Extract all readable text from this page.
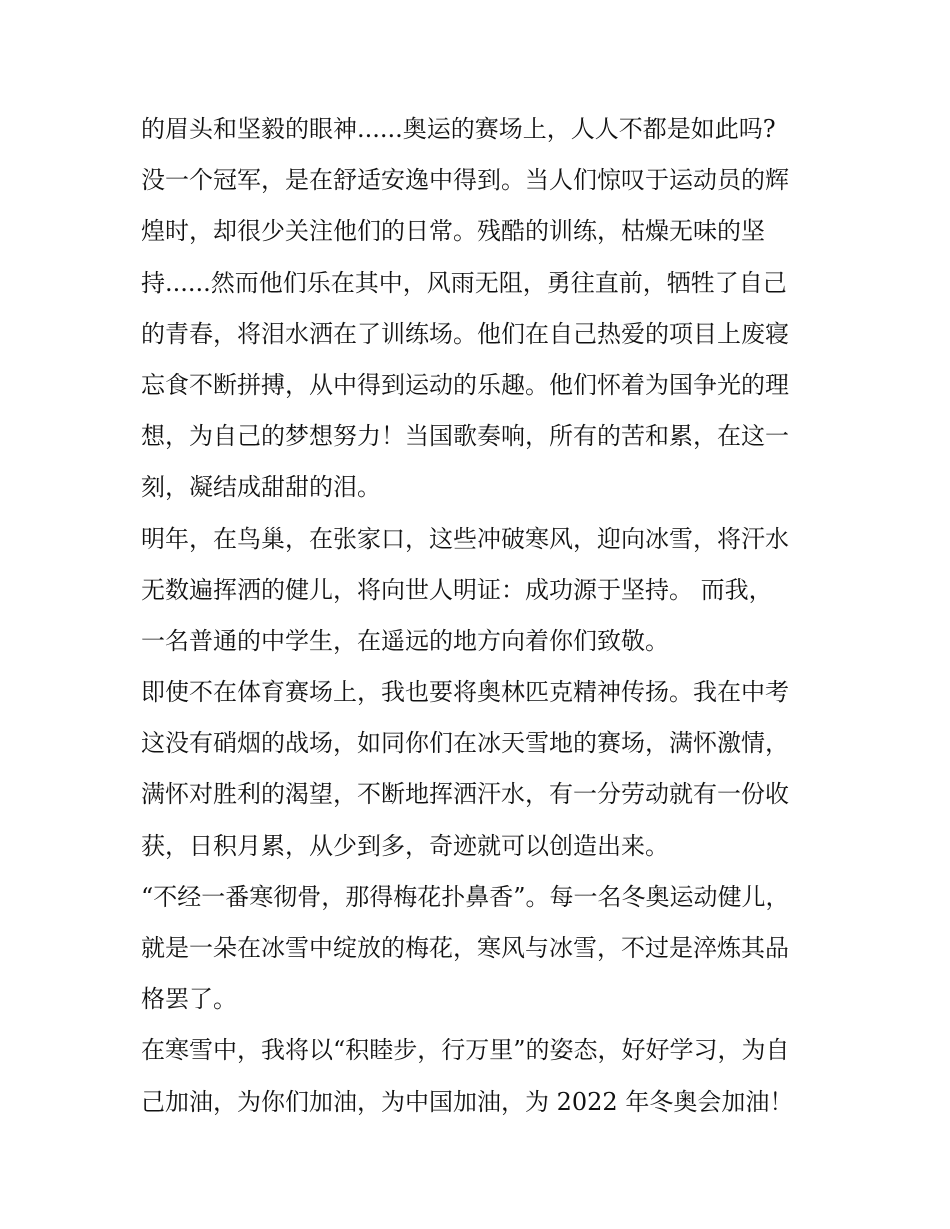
的眉头和坚毅的眼神......奥运的赛场上，人人不都是如此吗?
没一个冠军，是在舒适安逸中得到。当人们惊叹于运动员的辉
煌时，却很少关注他们的日常。残酷的训练，枯燥无味的坚
持......然而他们乐在其中，风雨无阻，勇往直前，牺牲了自己
的青春，将泪水洒在了训练场。他们在自己热爱的项目上废寝
忘食不断拼搏，从中得到运动的乐趣。他们怀着为国争光的理
想，为自己的梦想努力！当国歌奏响，所有的苦和累，在这一
刻，凝结成甜甜的泪。
明年，在鸟巢，在张家口，这些冲破寒风，迎向冰雪，将汗水
无数遍挥洒的健儿，将向世人明证：成功源于坚持。 而我，
一名普通的中学生，在遥远的地方向着你们致敬。
即使不在体育赛场上，我也要将奥林匹克精神传扬。我在中考
这没有硝烟的战场，如同你们在冰天雪地的赛场，满怀激情，
满怀对胜利的渴望，不断地挥洒汗水，有一分劳动就有一份收
获，日积月累，从少到多，奇迹就可以创造出来。
“不经一番寒彻骨，那得梅花扑鼻香”。每一名冬奥运动健儿，
就是一朵在冰雪中绽放的梅花，寒风与冰雪，不过是淬炼其品
格罢了。
在寒雪中，我将以“积睦步，行万里”的姿态，好好学习，为自
己加油，为你们加油，为中国加油，为 2022 年冬奥会加油！
